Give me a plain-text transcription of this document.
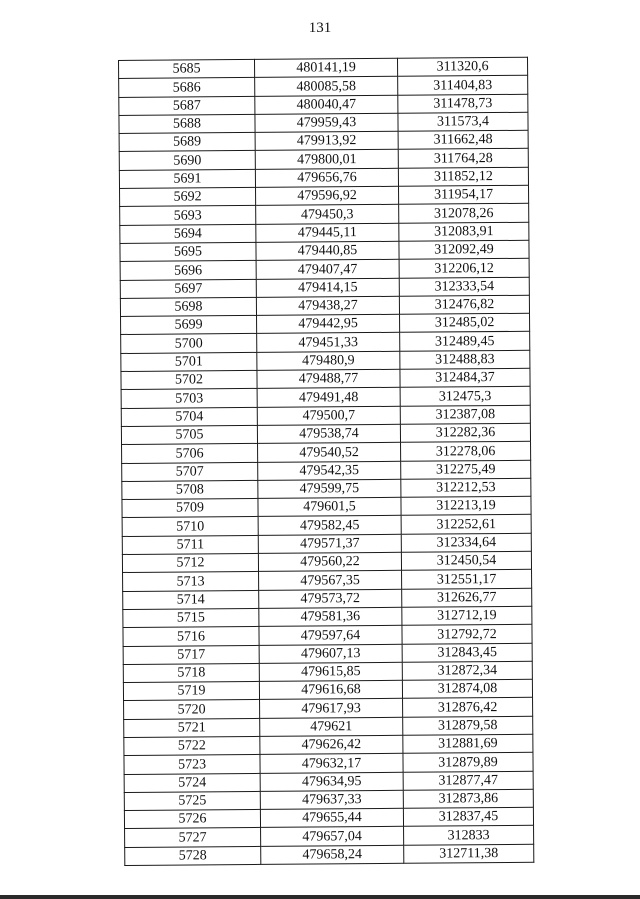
131
5685	480141,19	311320,6
5686	480085,58	311404,83
5687	480040,47	311478,73
5688	479959,43	311573,4
5689	479913,92	311662,48
5690	479800,01	311764,28
5691	479656,76	311852,12
5692	479596,92	311954,17
5693	479450,3	312078,26
5694	479445,11	312083,91
5695	479440,85	312092,49
5696	479407,47	312206,12
5697	479414,15	312333,54
5698	479438,27	312476,82
5699	479442,95	312485,02
5700	479451,33	312489,45
5701	479480,9	312488,83
5702	479488,77	312484,37
5703	479491,48	312475,3
5704	479500,7	312387,08
5705	479538,74	312282,36
5706	479540,52	312278,06
5707	479542,35	312275,49
5708	479599,75	312212,53
5709	479601,5	312213,19
5710	479582,45	312252,61
5711	479571,37	312334,64
5712	479560,22	312450,54
5713	479567,35	312551,17
5714	479573,72	312626,77
5715	479581,36	312712,19
5716	479597,64	312792,72
5717	479607,13	312843,45
5718	479615,85	312872,34
5719	479616,68	312874,08
5720	479617,93	312876,42
5721	479621	312879,58
5722	479626,42	312881,69
5723	479632,17	312879,89
5724	479634,95	312877,47
5725	479637,33	312873,86
5726	479655,44	312837,45
5727	479657,04	312833
5728	479658,24	312711,38
